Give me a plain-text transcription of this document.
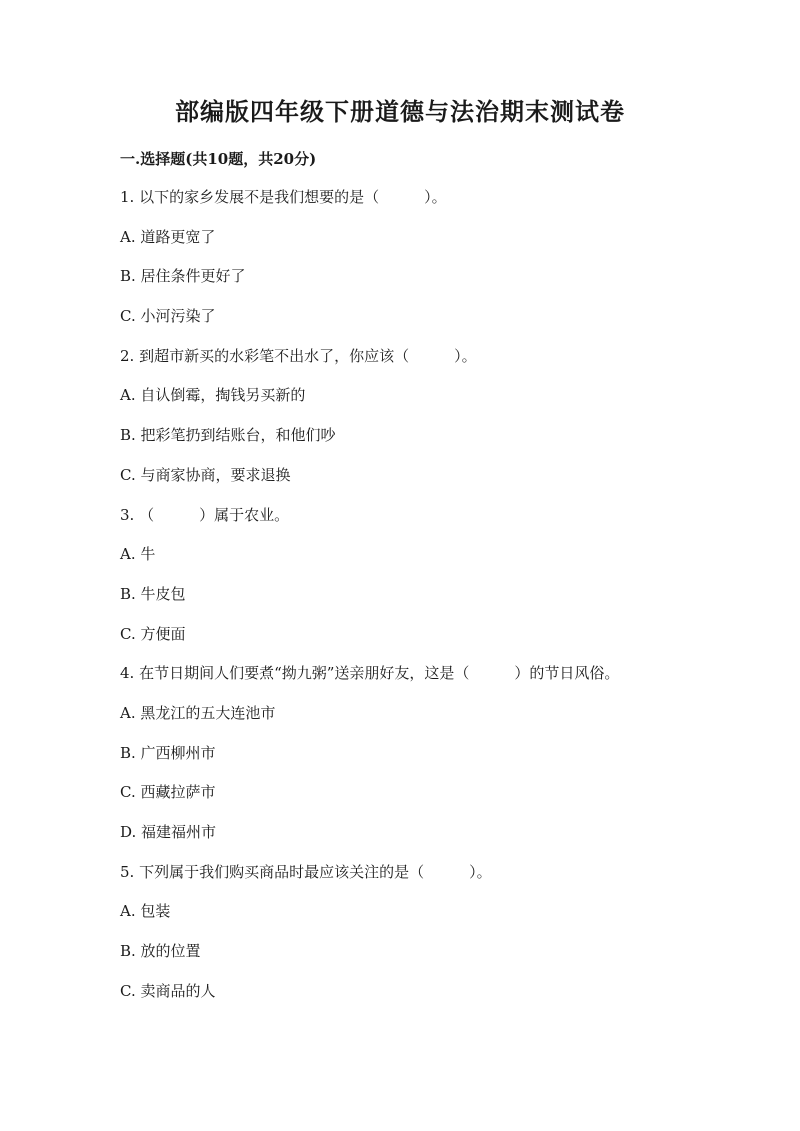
部编版四年级下册道德与法治期末测试卷
一.选择题(共10题，共20分)
1. 以下的家乡发展不是我们想要的是（　　　）。
A. 道路更宽了
B. 居住条件更好了
C. 小河污染了
2. 到超市新买的水彩笔不出水了，你应该（　　　）。
A. 自认倒霉，掏钱另买新的
B. 把彩笔扔到结账台，和他们吵
C. 与商家协商，要求退换
3. （　　　）属于农业。
A. 牛
B. 牛皮包
C. 方便面
4. 在节日期间人们要煮“拗九粥”送亲朋好友，这是（　　　）的节日风俗。
A. 黑龙江的五大连池市
B. 广西柳州市
C. 西藏拉萨市
D. 福建福州市
5. 下列属于我们购买商品时最应该关注的是（　　　）。
A. 包装
B. 放的位置
C. 卖商品的人
